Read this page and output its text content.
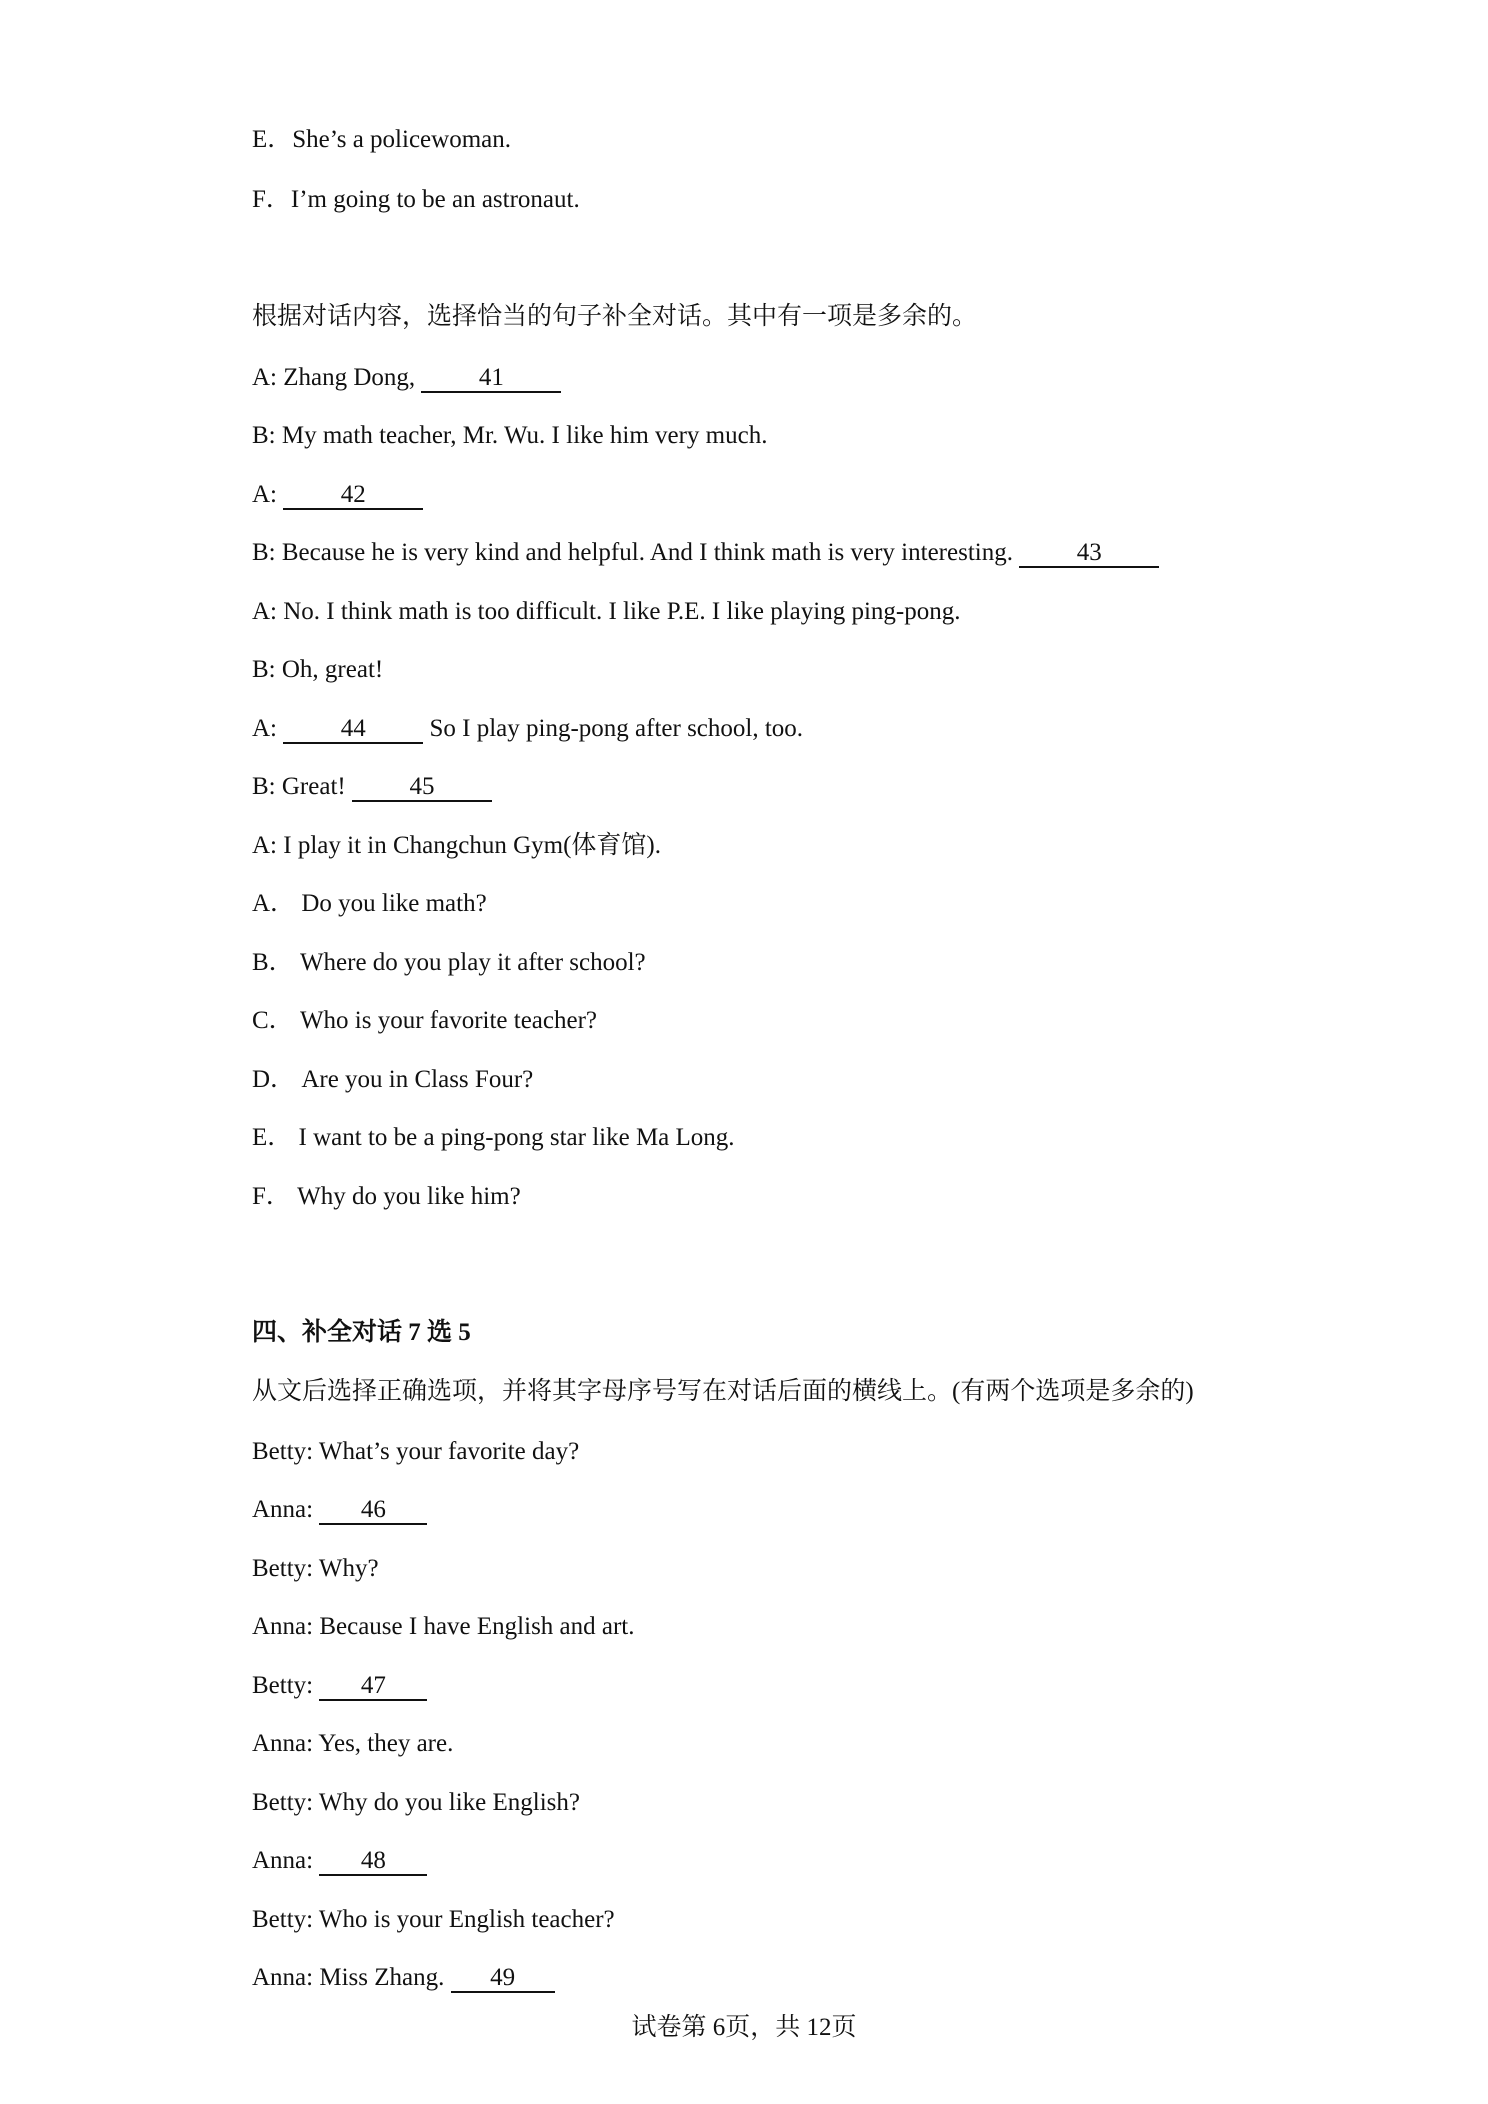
E．She’s a policewoman.
F．I’m going to be an astronaut.
根据对话内容，选择恰当的句子补全对话。其中有一项是多余的。
A: Zhang Dong, 41
B: My math teacher, Mr. Wu. I like him very much.
A: 42
B: Because he is very kind and helpful. And I think math is very interesting. 43
A: No. I think math is too difficult. I like P.E. I like playing ping-pong.
B: Oh, great!
A: 44 So I play ping-pong after school, too.
B: Great! 45
A: I play it in Changchun Gym(体育馆).
A． Do you like math?
B． Where do you play it after school?
C． Who is your favorite teacher?
D． Are you in Class Four?
E． I want to be a ping-pong star like Ma Long.
F． Why do you like him?
四、补全对话 7 选 5
从文后选择正确选项，并将其字母序号写在对话后面的横线上。(有两个选项是多余的)
Betty: What’s your favorite day?
Anna: 46
Betty: Why?
Anna: Because I have English and art.
Betty: 47
Anna: Yes, they are.
Betty: Why do you like English?
Anna: 48
Betty: Who is your English teacher?
Anna: Miss Zhang. 49
试卷第 6页，共 12页
